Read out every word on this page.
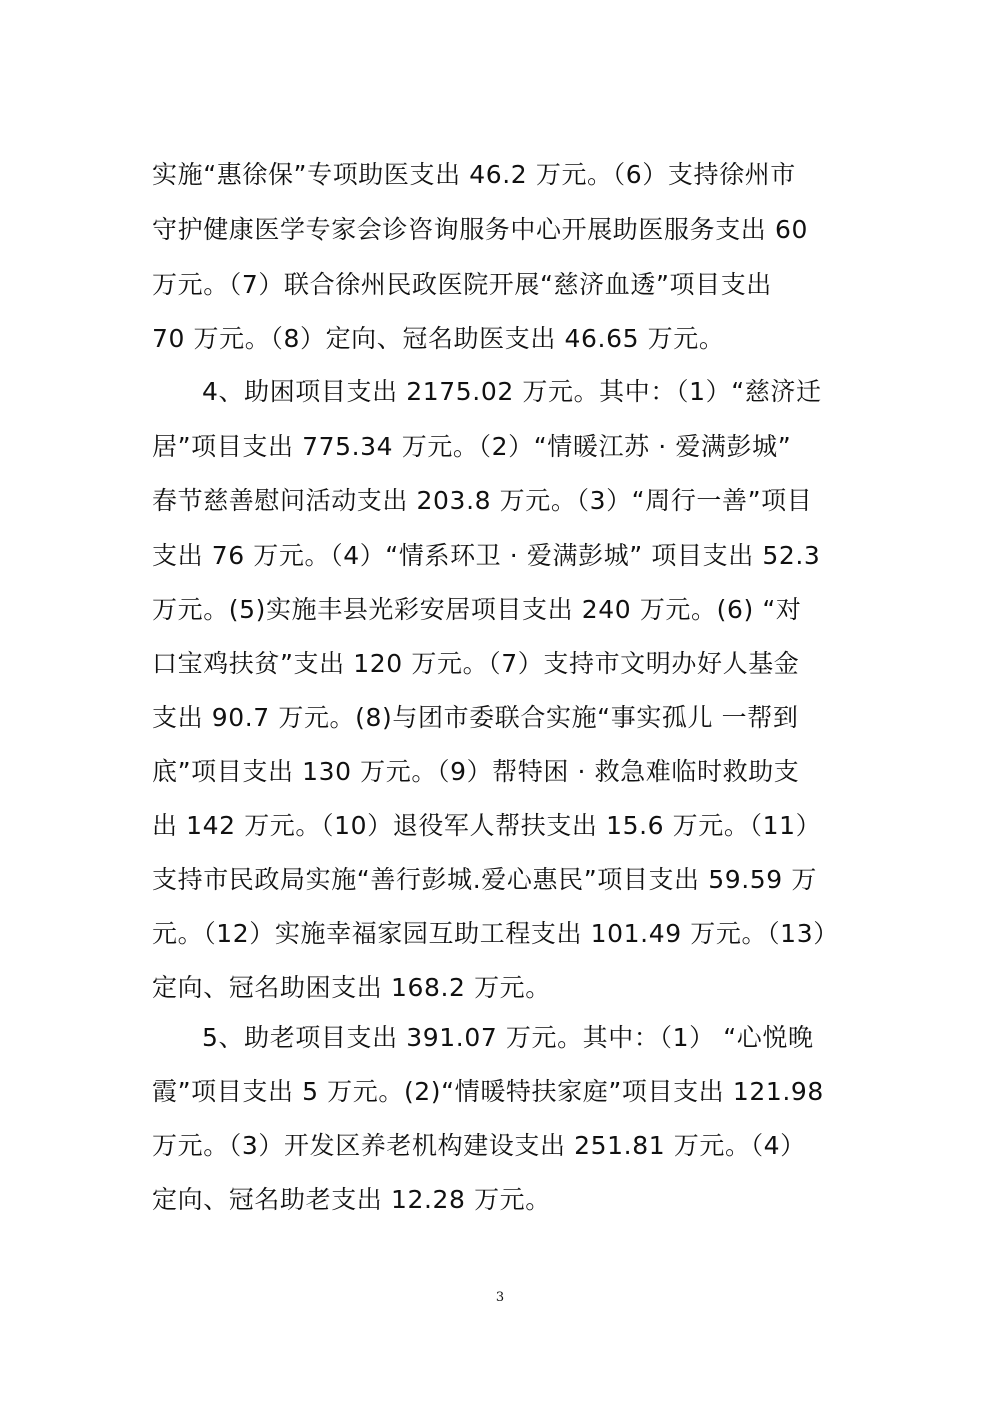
实施“惠徐保”专项助医支出 46.2 万元。（6）支持徐州市
守护健康医学专家会诊咨询服务中心开展助医服务支出 60
万元。（7）联合徐州民政医院开展“慈济血透”项目支出
70 万元。（8）定向、冠名助医支出 46.65 万元。
4、助困项目支出 2175.02 万元。其中：（1）“慈济迁
居”项目支出 775.34 万元。（2）“情暖江苏 · 爱满彭城”
春节慈善慰问活动支出 203.8 万元。（3）“周行一善”项目
支出 76 万元。（4）“情系环卫 · 爱满彭城” 项目支出 52.3
万元。(5)实施丰县光彩安居项目支出 240 万元。(6) “对
口宝鸡扶贫”支出 120 万元。（7）支持市文明办好人基金
支出 90.7 万元。(8)与团市委联合实施“事实孤儿 一帮到
底”项目支出 130 万元。（9）帮特困 · 救急难临时救助支
出 142 万元。（10）退役军人帮扶支出 15.6 万元。（11）
支持市民政局实施“善行彭城.爱心惠民”项目支出 59.59 万
元。（12）实施幸福家园互助工程支出 101.49 万元。（13）
定向、冠名助困支出 168.2 万元。
5、助老项目支出 391.07 万元。其中：（1） “心悦晚
霞”项目支出 5 万元。(2)“情暖特扶家庭”项目支出 121.98
万元。（3）开发区养老机构建设支出 251.81 万元。（4）
定向、冠名助老支出 12.28 万元。
3
